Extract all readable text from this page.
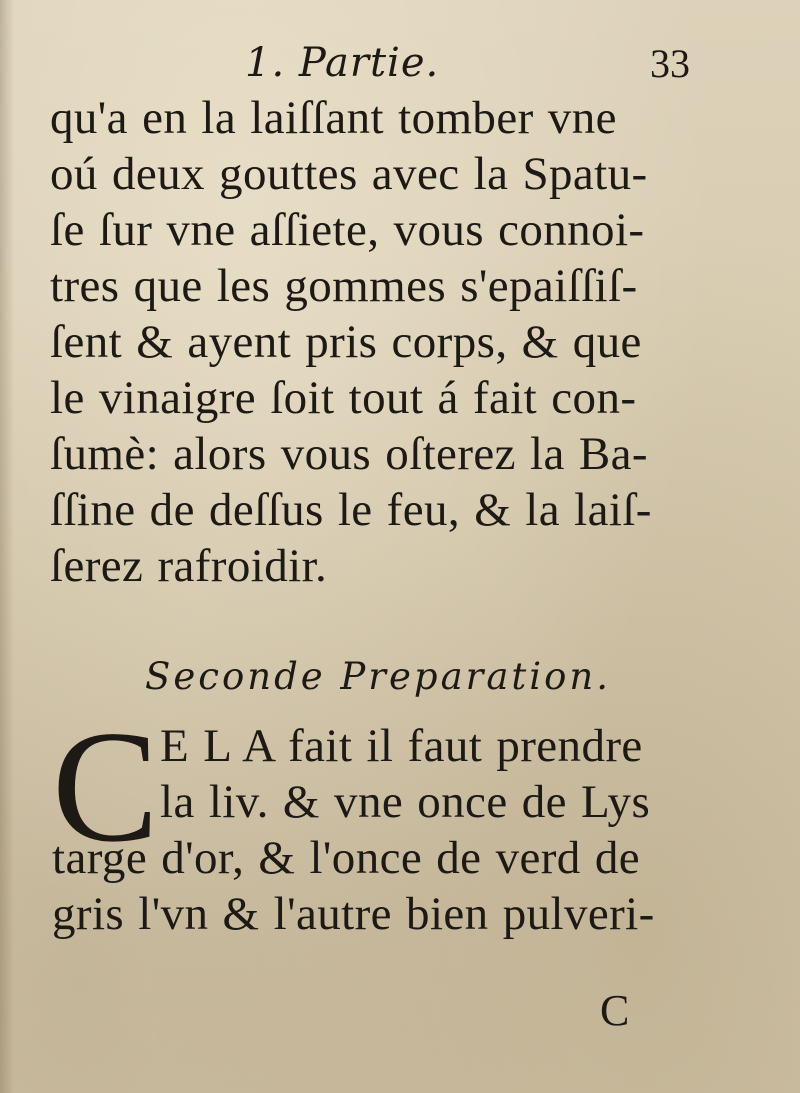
1. Partie.	33
qu'a en la laiſſant tomber vne
oú deux gouttes avec la Spatu-
ſe ſur vne aſſiete, vous connoi-
tres que les gommes s'epaiſſiſ-
ſent & ayent pris corps, & que
le vinaigre ſoit tout á fait con-
ſumè: alors vous oſterez la Ba-
ſſine de deſſus le feu, & la laiſ-
ſerez rafroidir.
Seconde Preparation.
C E L A fait il faut prendre
la liv. & vne once de Lys
targe d'or, & l'once de verd de
gris l'vn & l'autre bien pulveri-
C
